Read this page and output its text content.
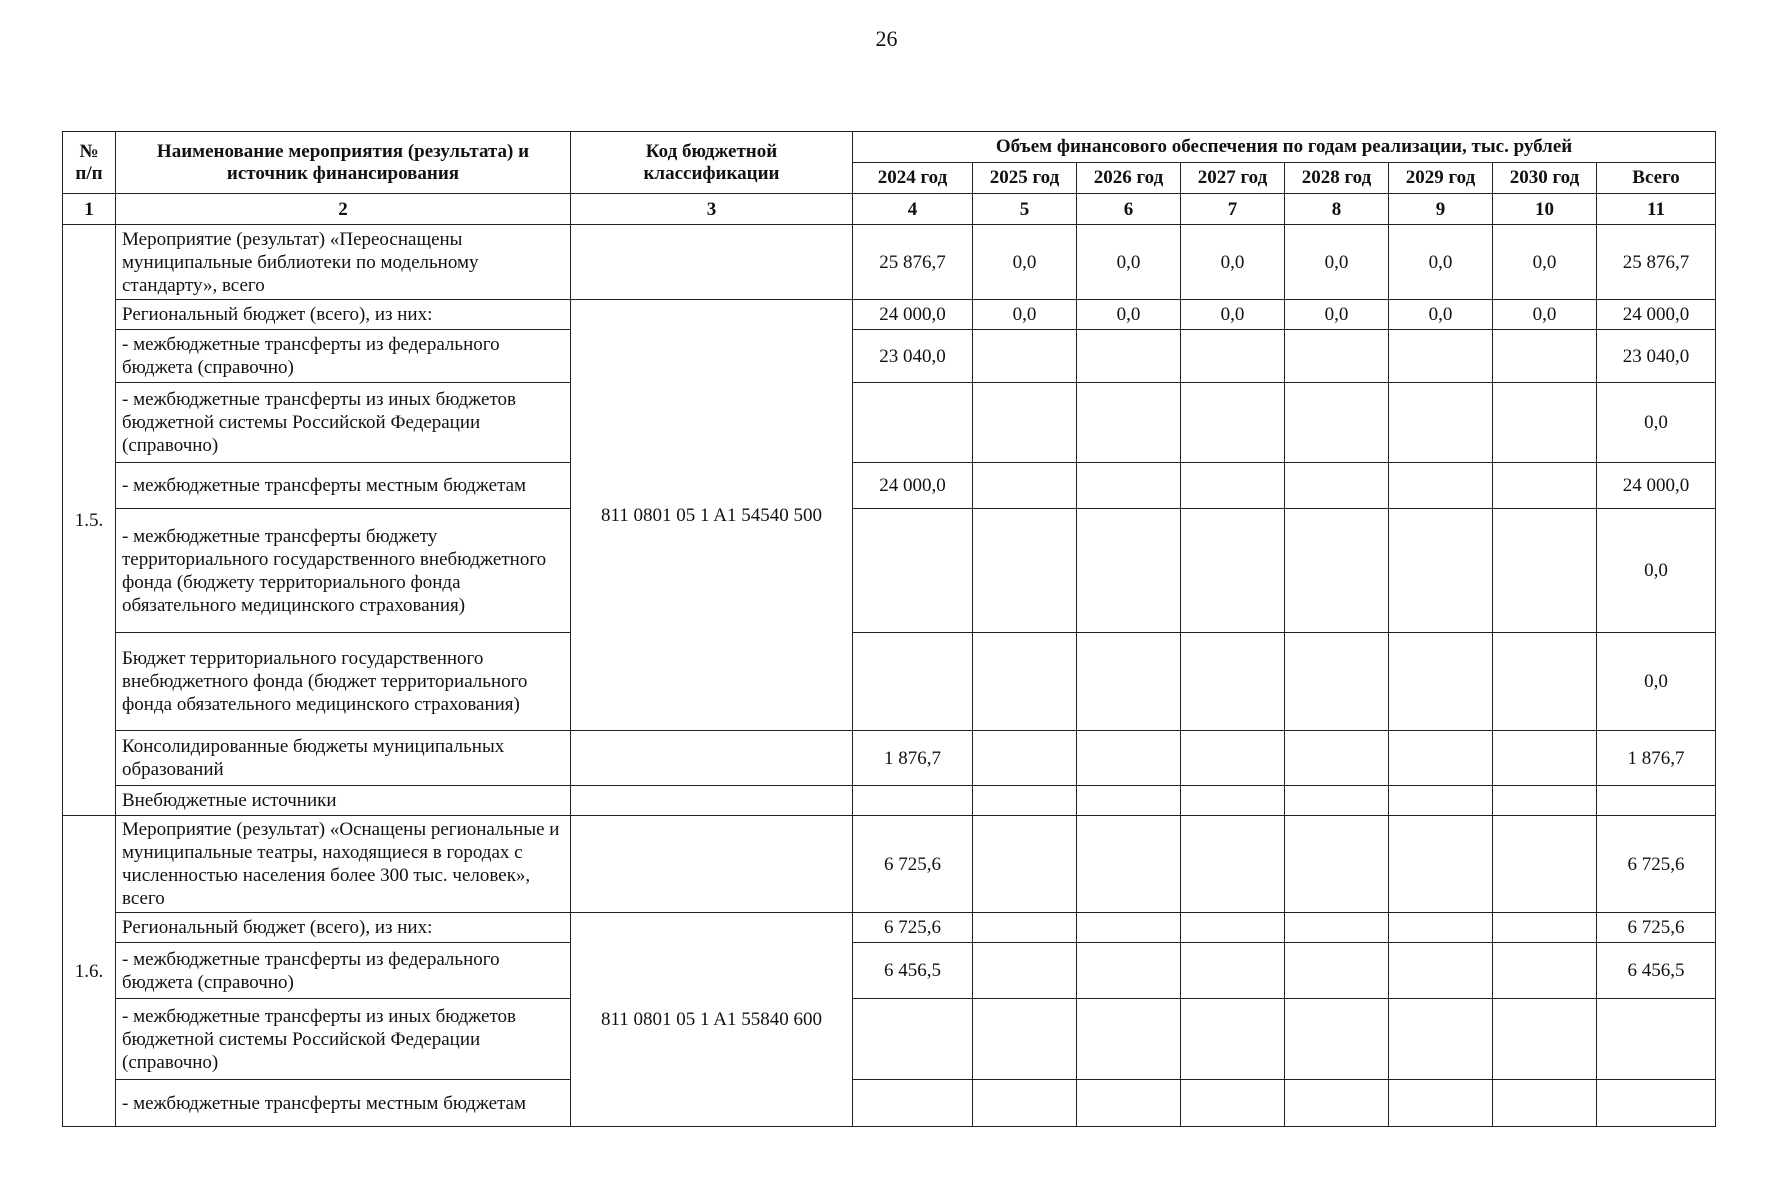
26
№ п/п	Наименование мероприятия (результата) и источник финансирования	Код бюджетной классификации	Объем финансового обеспечения по годам реализации, тыс. рублей							
			2024 год	2025 год	2026 год	2027 год	2028 год	2029 год	2030 год	Всего
1	2	3	4	5	6	7	8	9	10	11
1.5.	Мероприятие (результат) «Переоснащены муниципальные библиотеки по модельному стандарту», всего		25 876,7	0,0	0,0	0,0	0,0	0,0	0,0	25 876,7
	Региональный бюджет (всего), из них:	811 0801 05 1 A1 54540 500	24 000,0	0,0	0,0	0,0	0,0	0,0	0,0	24 000,0
	- межбюджетные трансферты из федерального бюджета (справочно)		23 040,0							23 040,0
	- межбюджетные трансферты из иных бюджетов бюджетной системы Российской Федерации (справочно)									0,0
	- межбюджетные трансферты местным бюджетам		24 000,0							24 000,0
	- межбюджетные трансферты бюджету территориального государственного внебюджетного фонда (бюджету территориального фонда обязательного медицинского страхования)									0,0
	Бюджет территориального государственного внебюджетного фонда (бюджет территориального фонда обязательного медицинского страхования)									0,0
	Консолидированные бюджеты муниципальных образований		1 876,7							1 876,7
	Внебюджетные источники									
1.6.	Мероприятие (результат) «Оснащены региональные и муниципальные театры, находящиеся в городах с численностью населения более 300 тыс. человек», всего		6 725,6							6 725,6
	Региональный бюджет (всего), из них:	811 0801 05 1 A1 55840 600	6 725,6							6 725,6
	- межбюджетные трансферты из федерального бюджета (справочно)		6 456,5							6 456,5
	- межбюджетные трансферты из иных бюджетов бюджетной системы Российской Федерации (справочно)									
	- межбюджетные трансферты местным бюджетам									
